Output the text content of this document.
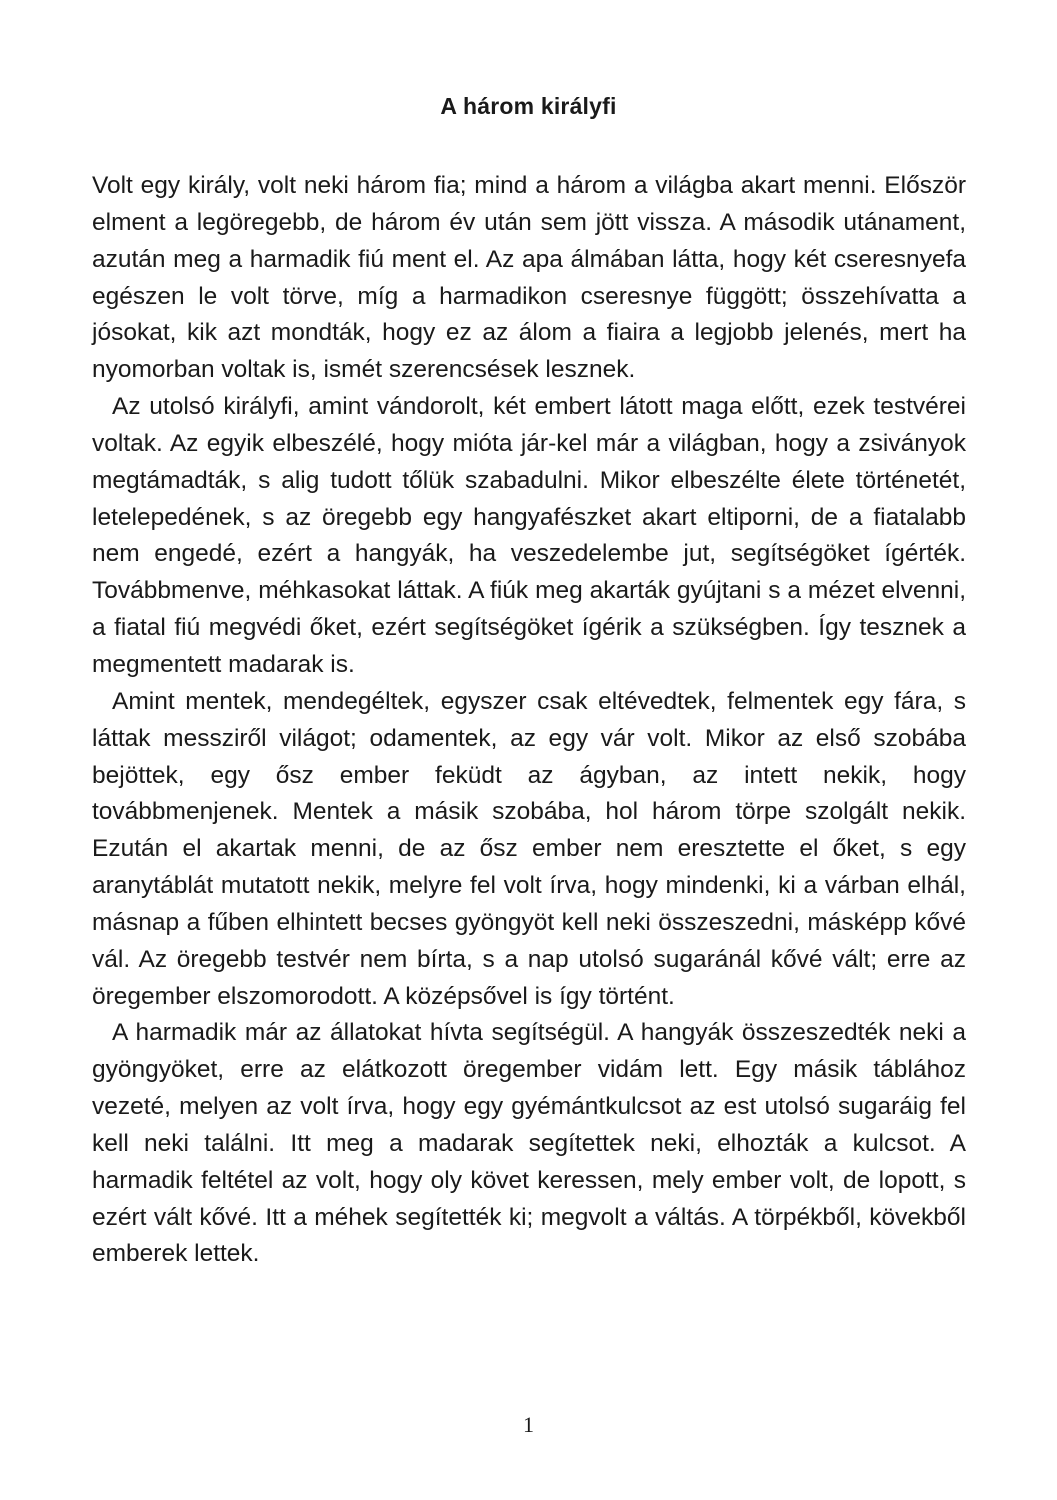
A három királyfi

Volt egy király, volt neki három fia; mind a három a világba akart menni. Először elment a legöregebb, de három év után sem jött vissza. A második utánament, azután meg a harmadik fiú ment el. Az apa álmában látta, hogy két cseresnyefa egészen le volt törve, míg a harmadikon cseresnye függött; összehívatta a jósokat, kik azt mondták, hogy ez az álom a fiaira a legjobb jelenés, mert ha nyomorban voltak is, ismét szerencsések lesznek.

Az utolsó királyfi, amint vándorolt, két embert látott maga előtt, ezek testvérei voltak. Az egyik elbeszélé, hogy mióta jár-kel már a világban, hogy a zsiványok megtámadták, s alig tudott tőlük szabadulni. Mikor elbeszélte élete történetét, letelepedének, s az öregebb egy hangyafészket akart eltiporni, de a fiatalabb nem engedé, ezért a hangyák, ha veszedelembe jut, segítségöket ígérték. Továbbmenve, méhkasokat láttak. A fiúk meg akarták gyújtani s a mézet elvenni, a fiatal fiú megvédi őket, ezért segítségöket ígérik a szükségben. Így tesznek a megmentett madarak is.

Amint mentek, mendegéltek, egyszer csak eltévedtek, felmentek egy fára, s láttak messziről világot; odamentek, az egy vár volt. Mikor az első szobába bejöttek, egy ősz ember feküdt az ágyban, az intett nekik, hogy továbbmenjenek. Mentek a másik szobába, hol három törpe szolgált nekik. Ezután el akartak menni, de az ősz ember nem eresztette el őket, s egy aranytáblát mutatott nekik, melyre fel volt írva, hogy mindenki, ki a várban elhál, másnap a fűben elhintett becses gyöngyöt kell neki összeszedni, másképp kővé vál. Az öregebb testvér nem bírta, s a nap utolsó sugaránál kővé vált; erre az öregember elszomorodott. A középsővel is így történt.

A harmadik már az állatokat hívta segítségül. A hangyák összeszedték neki a gyöngyöket, erre az elátkozott öregember vidám lett. Egy másik táblához vezeté, melyen az volt írva, hogy egy gyémántkulcsot az est utolsó sugaráig fel kell neki találni. Itt meg a madarak segítettek neki, elhozták a kulcsot. A harmadik feltétel az volt, hogy oly követ keressen, mely ember volt, de lopott, s ezért vált kővé. Itt a méhek segítették ki; megvolt a váltás. A törpékből, kövekből emberek lettek.

1
